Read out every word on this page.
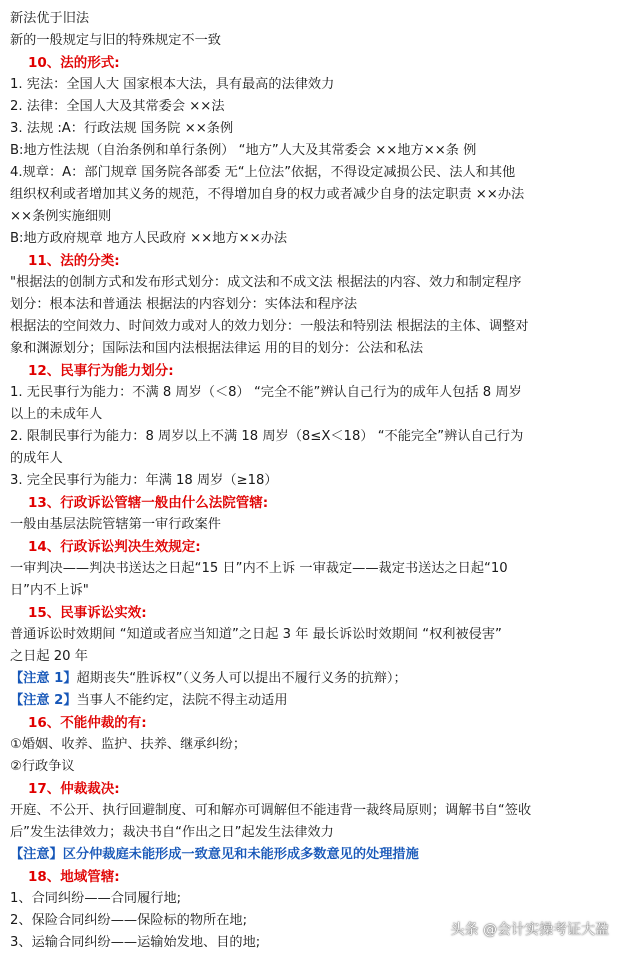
新法优于旧法
新的一般规定与旧的特殊规定不一致
10、法的形式:
1. 宪法：全国人大 国家根本大法，具有最高的法律效力
2. 法律：全国人大及其常委会 ××法
3. 法规 :A：行政法规 国务院 ××条例
B:地方性法规（自治条例和单行条例） “地方”人大及其常委会 ××地方××条 例
4.规章：A：部门规章 国务院各部委 无“上位法”依据，不得设定减损公民、法人和其他
组织权利或者增加其义务的规范，不得增加自身的权力或者减少自身的法定职责 ××办法
××条例实施细则
B:地方政府规章 地方人民政府 ××地方××办法
11、法的分类:
"根据法的创制方式和发布形式划分：成文法和不成文法 根据法的内容、效力和制定程序
划分：根本法和普通法 根据法的内容划分：实体法和程序法
根据法的空间效力、时间效力或对人的效力划分：一般法和特别法 根据法的主体、调整对
象和渊源划分；国际法和国内法根据法律运 用的目的划分：公法和私法
12、民事行为能力划分:
1. 无民事行为能力：不满 8 周岁（＜8） “完全不能”辨认自己行为的成年人包括 8 周岁
以上的未成年人
2. 限制民事行为能力：8 周岁以上不满 18 周岁（8≤X＜18） “不能完全”辨认自己行为
的成年人
3. 完全民事行为能力：年满 18 周岁（≥18）
13、行政诉讼管辖一般由什么法院管辖:
一般由基层法院管辖第一审行政案件
14、行政诉讼判决生效规定:
一审判决——判决书送达之日起“15 日”内不上诉 一审裁定——裁定书送达之日起“10
日”内不上诉"
15、民事诉讼实效:
普通诉讼时效期间 “知道或者应当知道”之日起 3 年 最长诉讼时效期间 “权利被侵害”
之日起 20 年
【注意 1】超期丧失“胜诉权”（义务人可以提出不履行义务的抗辩）；
【注意 2】当事人不能约定，法院不得主动适用
16、不能仲裁的有:
①婚姻、收养、监护、扶养、继承纠纷；
②行政争议
17、仲裁裁决:
开庭、不公开、执行回避制度、可和解亦可调解但不能违背一裁终局原则；调解书自“签收
后”发生法律效力；裁决书自“作出之日”起发生法律效力
【注意】区分仲裁庭未能形成一致意见和未能形成多数意见的处理措施
18、地域管辖:
1、合同纠纷——合同履行地;
2、保险合同纠纷——保险标的物所在地;
3、运输合同纠纷——运输始发地、目的地;
头条 @会计实操考证大盈
